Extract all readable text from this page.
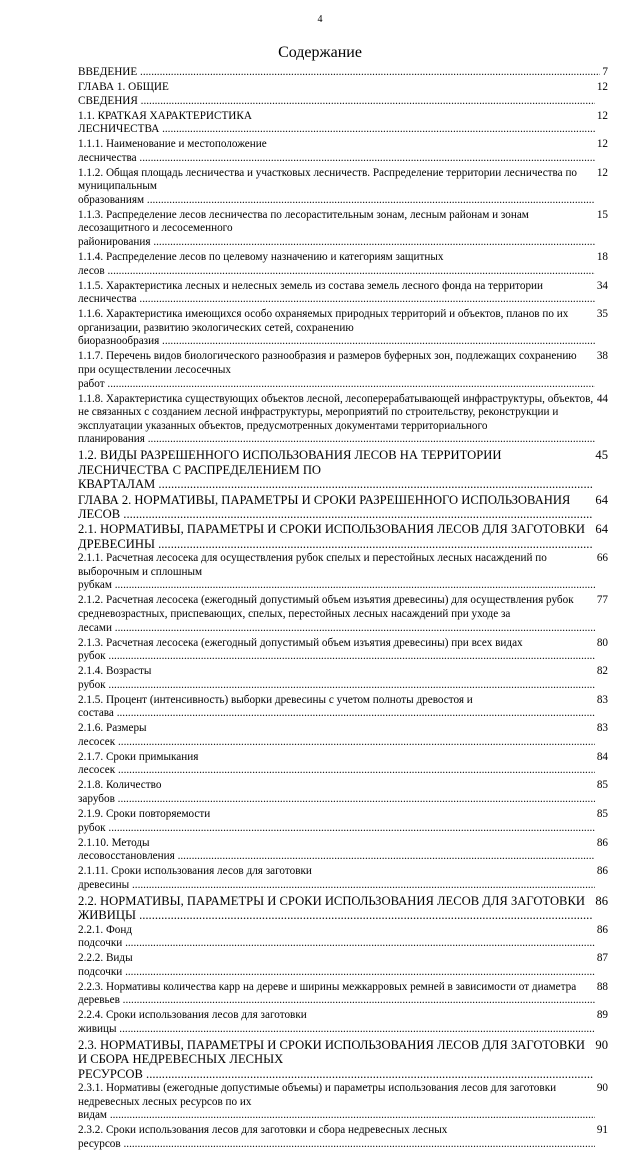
4
Содержание
ВВЕДЕНИЕ .....	7
ГЛАВА 1. ОБЩИЕ СВЕДЕНИЯ .....
12
1.1. КРАТКАЯ ХАРАКТЕРИСТИКА ЛЕСНИЧЕСТВА .....
12
1.1.1. Наименование и местоположение лесничества .....
12
1.1.2. Общая площадь лесничества и участковых лесничеств. Распределение территории лесничества по муниципальным образованиям .....
12
1.1.3. Распределение лесов лесничества по лесорастительным зонам, лесным районам и зонам лесозащитного и лесосеменного районирования .....
15
1.1.4. Распределение лесов по целевому назначению и категориям защитных лесов .....
18
1.1.5. Характеристика лесных и нелесных земель из состава земель лесного фонда на территории лесничества .....
34
1.1.6. Характеристика имеющихся особо охраняемых природных территорий и объектов, планов по их организации, развитию экологических сетей, сохранению биоразнообразия .....
35
1.1.7. Перечень видов биологического разнообразия и размеров буферных зон, подлежащих сохранению при осуществлении лесосечных работ .....
38
1.1.8. Характеристика существующих объектов лесной, лесоперерабатывающей инфраструктуры, объектов, не связанных с созданием лесной инфраструктуры, мероприятий по строительству, реконструкции и эксплуатации указанных объектов, предусмотренных документами территориального планирования .....
44
1.2. ВИДЫ РАЗРЕШЕННОГО ИСПОЛЬЗОВАНИЯ ЛЕСОВ НА ТЕРРИТОРИИ ЛЕСНИЧЕСТВА С РАСПРЕДЕЛЕНИЕМ ПО КВАРТАЛАМ .....
45
ГЛАВА 2. НОРМАТИВЫ, ПАРАМЕТРЫ И СРОКИ РАЗРЕШЕННОГО ИСПОЛЬЗОВАНИЯ ЛЕСОВ .....
64
2.1. НОРМАТИВЫ, ПАРАМЕТРЫ И СРОКИ ИСПОЛЬЗОВАНИЯ ЛЕСОВ ДЛЯ ЗАГОТОВКИ ДРЕВЕСИНЫ .....
64
2.1.1. Расчетная лесосека для осуществления рубок спелых и перестойных лесных насаждений по выборочным и сплошным рубкам .....
66
2.1.2. Расчетная лесосека (ежегодный допустимый объем изъятия древесины) для осуществления рубок средневозрастных, приспевающих, спелых, перестойных лесных насаждений при уходе за лесами .....
77
2.1.3. Расчетная лесосека (ежегодный допустимый объем изъятия древесины) при всех видах рубок .....
80
2.1.4. Возрасты рубок .....
82
2.1.5. Процент (интенсивность) выборки древесины с учетом полноты древостоя и состава .....
83
2.1.6. Размеры лесосек .....
83
2.1.7. Сроки примыкания лесосек .....
84
2.1.8. Количество зарубов .....
85
2.1.9. Сроки повторяемости рубок .....
85
2.1.10. Методы лесовосстановления .....
86
2.1.11. Сроки использования лесов для заготовки древесины .....
86
2.2. НОРМАТИВЫ, ПАРАМЕТРЫ И СРОКИ ИСПОЛЬЗОВАНИЯ ЛЕСОВ ДЛЯ ЗАГОТОВКИ ЖИВИЦЫ .....
86
2.2.1. Фонд подсочки .....
86
2.2.2. Виды подсочки .....
87
2.2.3. Нормативы количества карр на дереве и ширины межкарровых ремней в зависимости от диаметра деревьев .....
88
2.2.4. Сроки использования лесов для заготовки живицы .....
89
2.3. НОРМАТИВЫ, ПАРАМЕТРЫ И СРОКИ ИСПОЛЬЗОВАНИЯ ЛЕСОВ ДЛЯ ЗАГОТОВКИ И СБОРА НЕДРЕВЕСНЫХ ЛЕСНЫХ РЕСУРСОВ .....
90
2.3.1. Нормативы (ежегодные допустимые объемы) и параметры использования лесов для заготовки недревесных лесных ресурсов по их видам .....
90
2.3.2. Сроки использования лесов для заготовки и сбора недревесных лесных ресурсов .....
91
